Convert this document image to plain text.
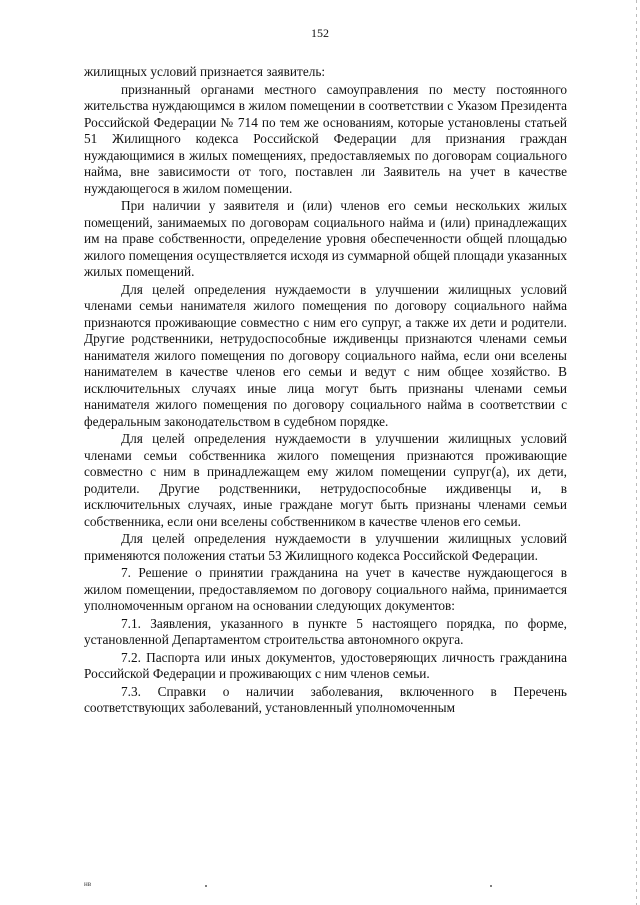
152

жилищных условий признается заявитель:

признанный органами местного самоуправления по месту постоянного жительства нуждающимся в жилом помещении в соответствии с Указом Президента Российской Федерации № 714 по тем же основаниям, которые установлены статьей 51 Жилищного кодекса Российской Федерации для признания граждан нуждающимися в жилых помещениях, предоставляемых по договорам социального найма, вне зависимости от того, поставлен ли Заявитель на учет в качестве нуждающегося в жилом помещении.

При наличии у заявителя и (или) членов его семьи нескольких жилых помещений, занимаемых по договорам социального найма и (или) принадлежащих им на праве собственности, определение уровня обеспеченности общей площадью жилого помещения осуществляется исходя из суммарной общей площади указанных жилых помещений.

Для целей определения нуждаемости в улучшении жилищных условий членами семьи нанимателя жилого помещения по договору социального найма признаются проживающие совместно с ним его супруг, а также их дети и родители. Другие родственники, нетрудоспособные иждивенцы признаются членами семьи нанимателя жилого помещения по договору социального найма, если они вселены нанимателем в качестве членов его семьи и ведут с ним общее хозяйство. В исключительных случаях иные лица могут быть признаны членами семьи нанимателя жилого помещения по договору социального найма в соответствии с федеральным законодательством в судебном порядке.

Для целей определения нуждаемости в улучшении жилищных условий членами семьи собственника жилого помещения признаются проживающие совместно с ним в принадлежащем ему жилом помещении супруг(а), их дети, родители. Другие родственники, нетрудоспособные иждивенцы и, в исключительных случаях, иные граждане могут быть признаны членами семьи собственника, если они вселены собственником в качестве членов его семьи.

Для целей определения нуждаемости в улучшении жилищных условий применяются положения статьи 53 Жилищного кодекса Российской Федерации.

7. Решение о принятии гражданина на учет в качестве нуждающегося в жилом помещении, предоставляемом по договору социального найма, принимается уполномоченным органом на основании следующих документов:

7.1. Заявления, указанного в пункте 5 настоящего порядка, по форме, установленной Департаментом строительства автономного округа.

7.2. Паспорта или иных документов, удостоверяющих личность гражданина Российской Федерации и проживающих с ним членов семьи.

7.3. Справки о наличии заболевания, включенного в Перечень соответствующих заболеваний, установленный уполномоченным

нв
